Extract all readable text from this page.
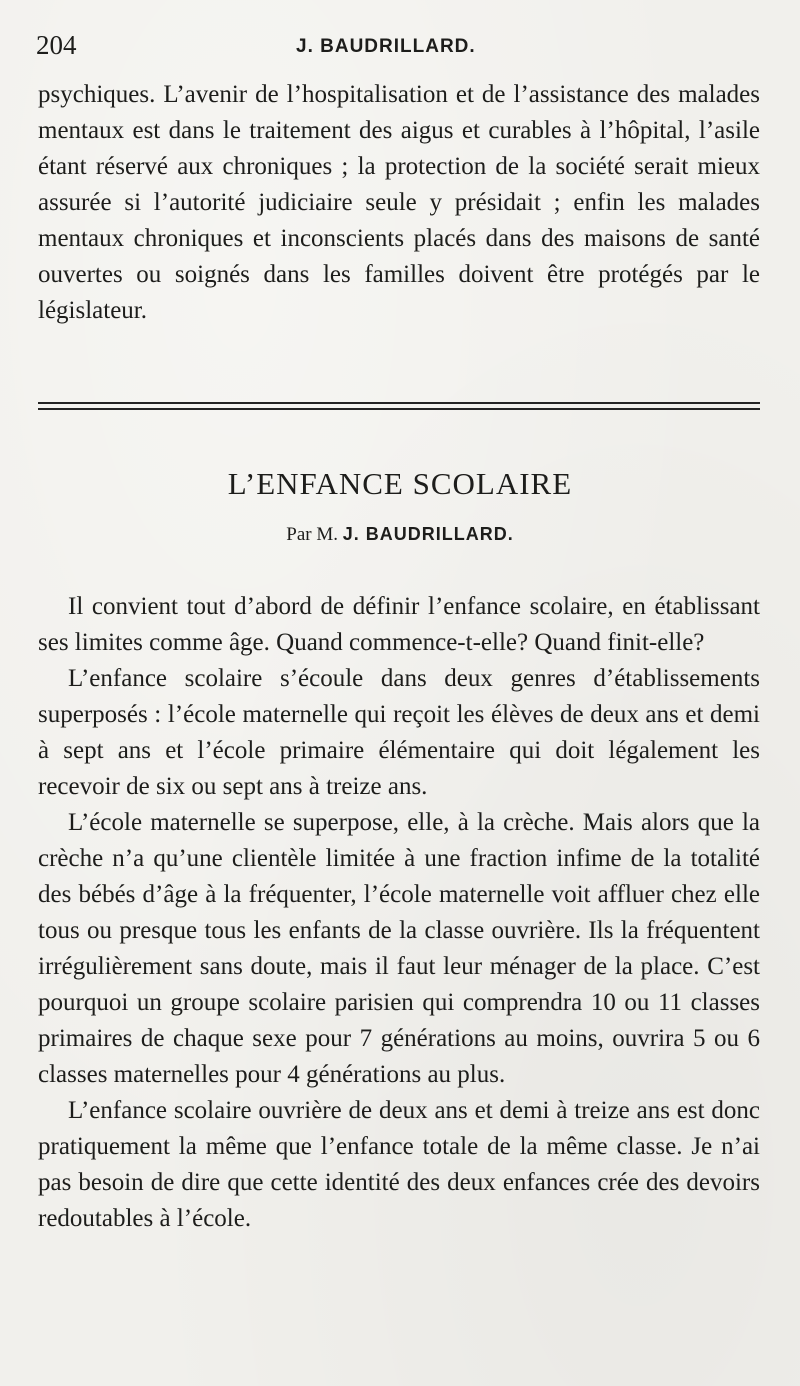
204	J. BAUDRILLARD.

psychiques. L’avenir de l’hospitalisation et de l’assistance des malades mentaux est dans le traitement des aigus et curables à l’hôpital, l’asile étant réservé aux chroniques ; la protection de la société serait mieux assurée si l’autorité judiciaire seule y présidait ; enfin les malades mentaux chroniques et inconscients placés dans des maisons de santé ouvertes ou soignés dans les familles doivent être protégés par le législateur.

L’ENFANCE SCOLAIRE
Par M. J. BAUDRILLARD.

Il convient tout d’abord de définir l’enfance scolaire, en établissant ses limites comme âge. Quand commence-t-elle? Quand finit-elle?

L’enfance scolaire s’écoule dans deux genres d’établissements superposés : l’école maternelle qui reçoit les élèves de deux ans et demi à sept ans et l’école primaire élémentaire qui doit légalement les recevoir de six ou sept ans à treize ans.

L’école maternelle se superpose, elle, à la crèche. Mais alors que la crèche n’a qu’une clientèle limitée à une fraction infime de la totalité des bébés d’âge à la fréquenter, l’école maternelle voit affluer chez elle tous ou presque tous les enfants de la classe ouvrière. Ils la fréquentent irrégulièrement sans doute, mais il faut leur ménager de la place. C’est pourquoi un groupe scolaire parisien qui comprendra 10 ou 11 classes primaires de chaque sexe pour 7 générations au moins, ouvrira 5 ou 6 classes maternelles pour 4 générations au plus.

L’enfance scolaire ouvrière de deux ans et demi à treize ans est donc pratiquement la même que l’enfance totale de la même classe. Je n’ai pas besoin de dire que cette identité des deux enfances crée des devoirs redoutables à l’école.
